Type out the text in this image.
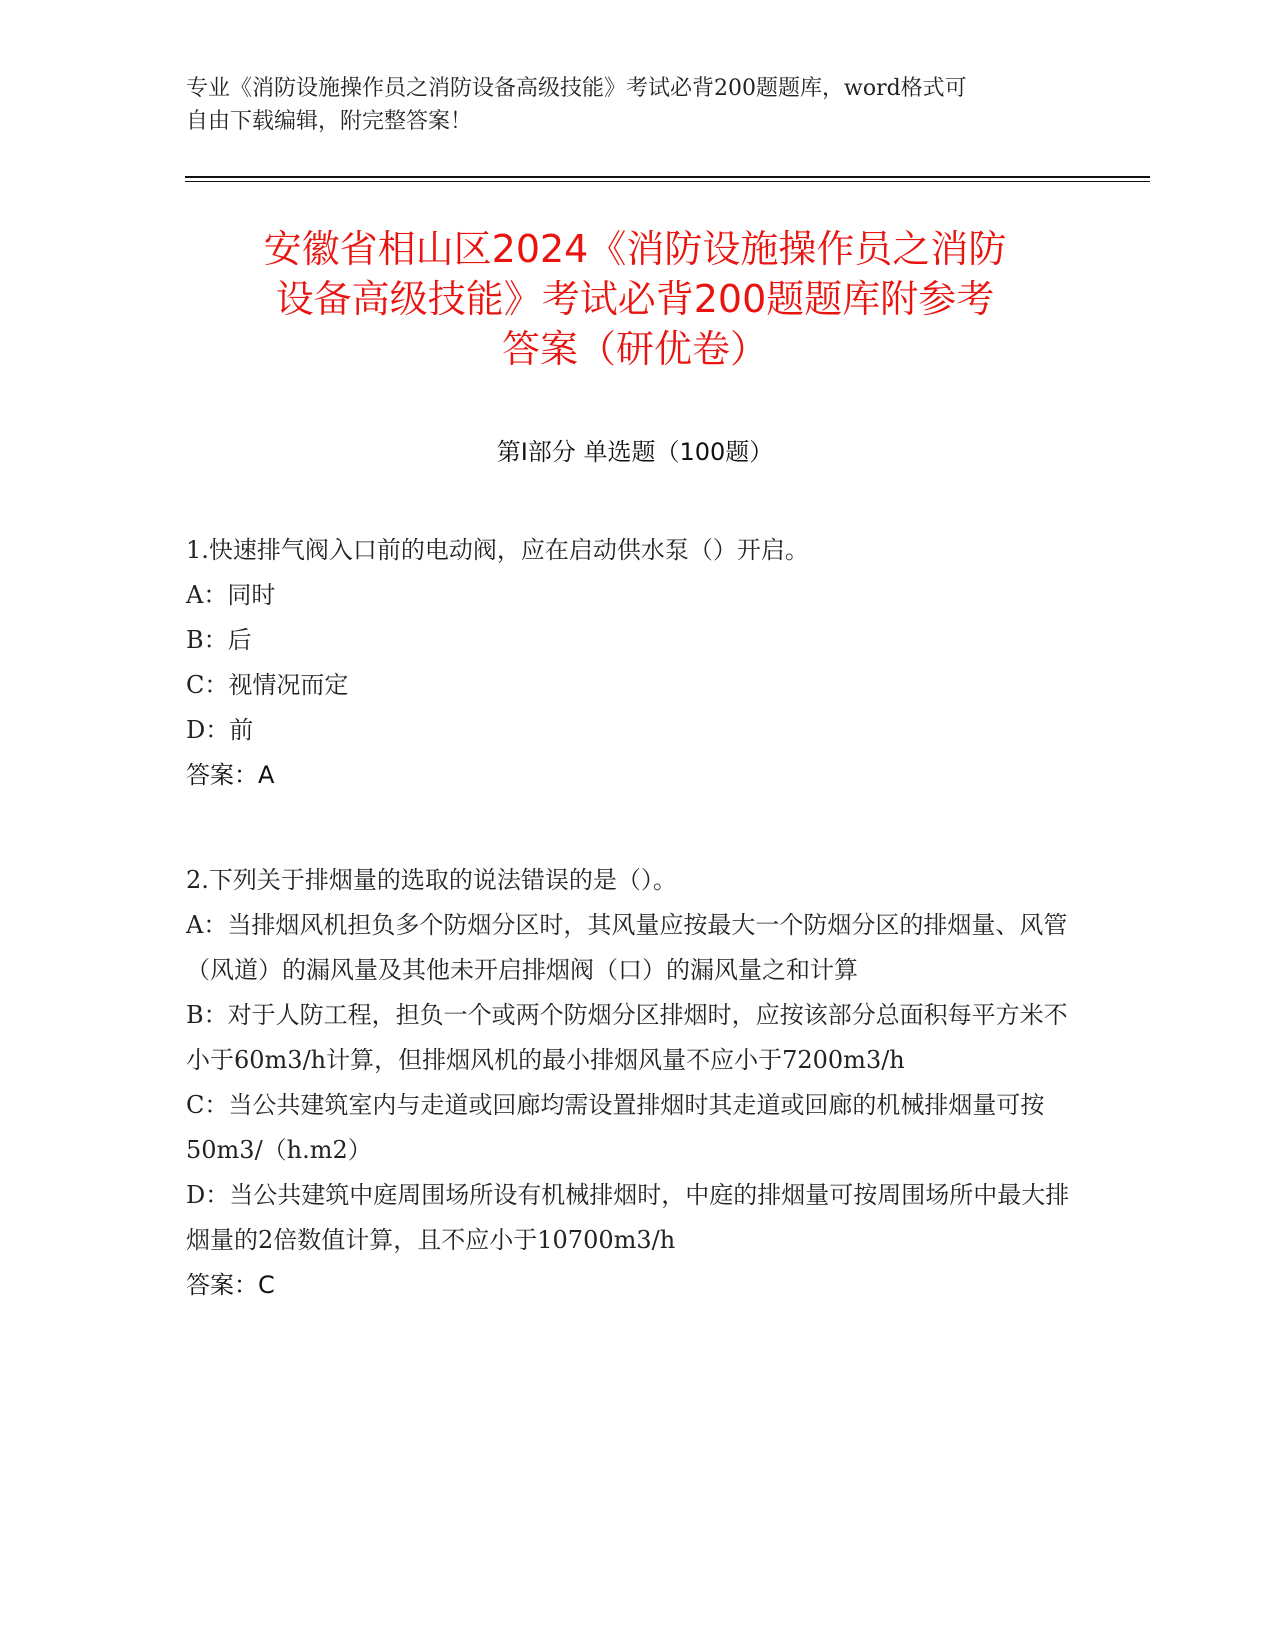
专业《消防设施操作员之消防设备高级技能》考试必背200题题库，word格式可
自由下载编辑，附完整答案！
安徽省相山区2024《消防设施操作员之消防
设备高级技能》考试必背200题题库附参考
答案（研优卷）
第I部分 单选题（100题）

1.快速排气阀入口前的电动阀，应在启动供水泵（）开启。

A：同时

B：后

C：视情况而定

D：前

答案：A

2.下列关于排烟量的选取的说法错误的是（）。

A：当排烟风机担负多个防烟分区时，其风量应按最大一个防烟分区的排烟量、风管（风道）的漏风量及其他未开启排烟阀（口）的漏风量之和计算

B：对于人防工程，担负一个或两个防烟分区排烟时，应按该部分总面积每平方米不小于60m3/h计算，但排烟风机的最小排烟风量不应小于7200m3/h

C：当公共建筑室内与走道或回廊均需设置排烟时其走道或回廊的机械排烟量可按50m3/（h.m2）

D：当公共建筑中庭周围场所设有机械排烟时，中庭的排烟量可按周围场所中最大排烟量的2倍数值计算，且不应小于10700m3/h

答案：C
